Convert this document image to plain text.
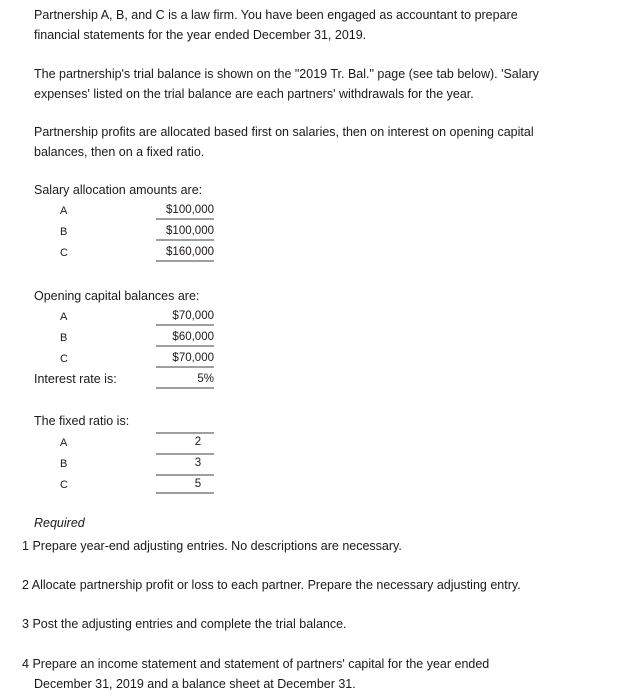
Partnership A, B, and C is a law firm. You have been engaged as accountant to prepare
financial statements for the year ended December 31, 2019.
The partnership's trial balance is shown on the "2019 Tr. Bal." page (see tab below). 'Salary
expenses' listed on the trial balance are each partners' withdrawals for the year.
Partnership profits are allocated based first on salaries, then on interest on opening capital
balances, then on a fixed ratio.
Salary allocation amounts are:
A	$100,000
B	$100,000
C	$160,000
Opening capital balances are:
A	$70,000
B	$60,000
C	$70,000
Interest rate is:	5%
The fixed ratio is:
A	2
B	3
C	5
Required
1 Prepare year-end adjusting entries. No descriptions are necessary.
2 Allocate partnership profit or loss to each partner. Prepare the necessary adjusting entry.
3 Post the adjusting entries and complete the trial balance.
4 Prepare an income statement and statement of partners' capital for the year ended
December 31, 2019 and a balance sheet at December 31.
